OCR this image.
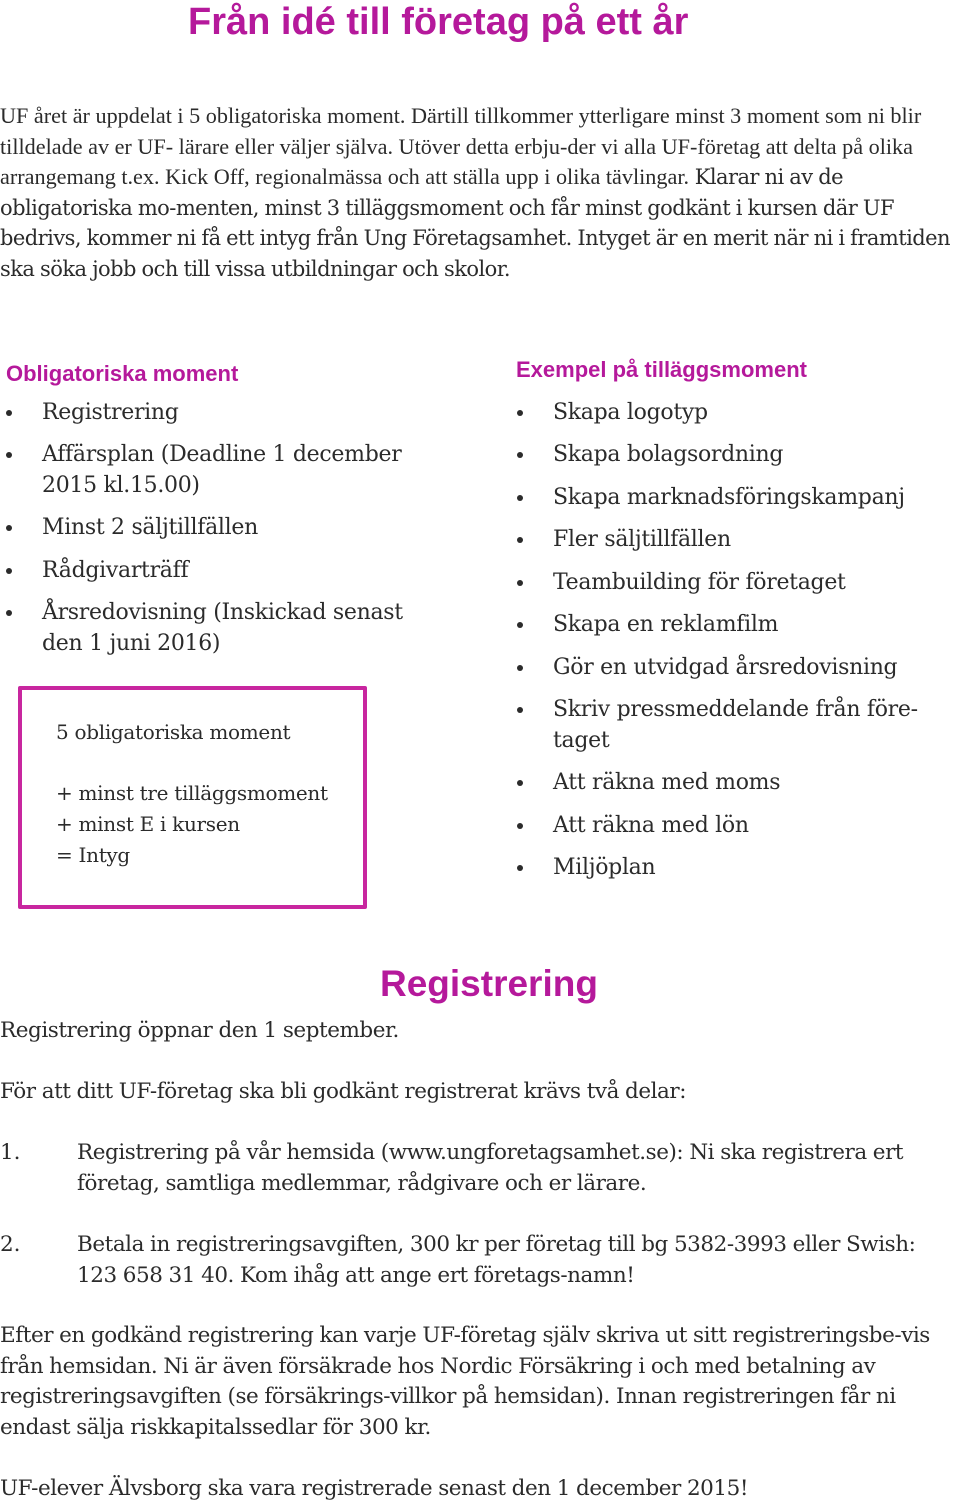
Från idé till företag på ett år

UF året är uppdelat i 5 obligatoriska moment. Därtill tillkommer ytterligare minst 3 moment som ni blir tilldelade av er UF- lärare eller väljer själva. Utöver detta erbju-der vi alla UF-företag att delta på olika arrangemang t.ex. Kick Off, regionalmässa och att ställa upp i olika tävlingar. Klarar ni av de obligatoriska mo-menten, minst 3 tilläggsmoment och får minst godkänt i kursen där UF bedrivs, kommer ni få ett intyg från Ung Företagsamhet. Intyget är en merit när ni i framtiden ska söka jobb och till vissa utbildningar och skolor.

Obligatoriska moment
Registrering
Affärsplan (Deadline 1 december 2015 kl.15.00)
Minst 2 säljtillfällen
Rådgivarträff
Årsredovisning (Inskickad senast den 1 juni 2016)
5 obligatoriska moment
+ minst tre tilläggsmoment
+ minst E i kursen
= Intyg
Exempel på tilläggsmoment
Skapa logotyp
Skapa bolagsordning
Skapa marknadsföringskampanj
Fler säljtillfällen
Teambuilding för företaget
Skapa en reklamfilm
Gör en utvidgad årsredovisning
Skriv pressmeddelande från före-taget
Att räkna med moms
Att räkna med lön
Miljöplan
Registrering

Registrering öppnar den 1 september.

För att ditt UF-företag ska bli godkänt registrerat krävs två delar:

1.	Registrering på vår hemsida (www.ungforetagsamhet.se): Ni ska registrera ert företag, samtliga medlemmar, rådgivare och er lärare.

2.	Betala in registreringsavgiften, 300 kr per företag till bg 5382-3993 eller Swish: 123 658 31 40. Kom ihåg att ange ert företags-namn!

Efter en godkänd registrering kan varje UF-företag själv skriva ut sitt registreringsbe-vis från hemsidan. Ni är även försäkrade hos Nordic Försäkring i och med betalning av registreringsavgiften (se försäkrings-villkor på hemsidan). Innan registreringen får ni endast sälja riskkapitalssedlar för 300 kr.

UF-elever Älvsborg ska vara registrerade senast den 1 december 2015!
